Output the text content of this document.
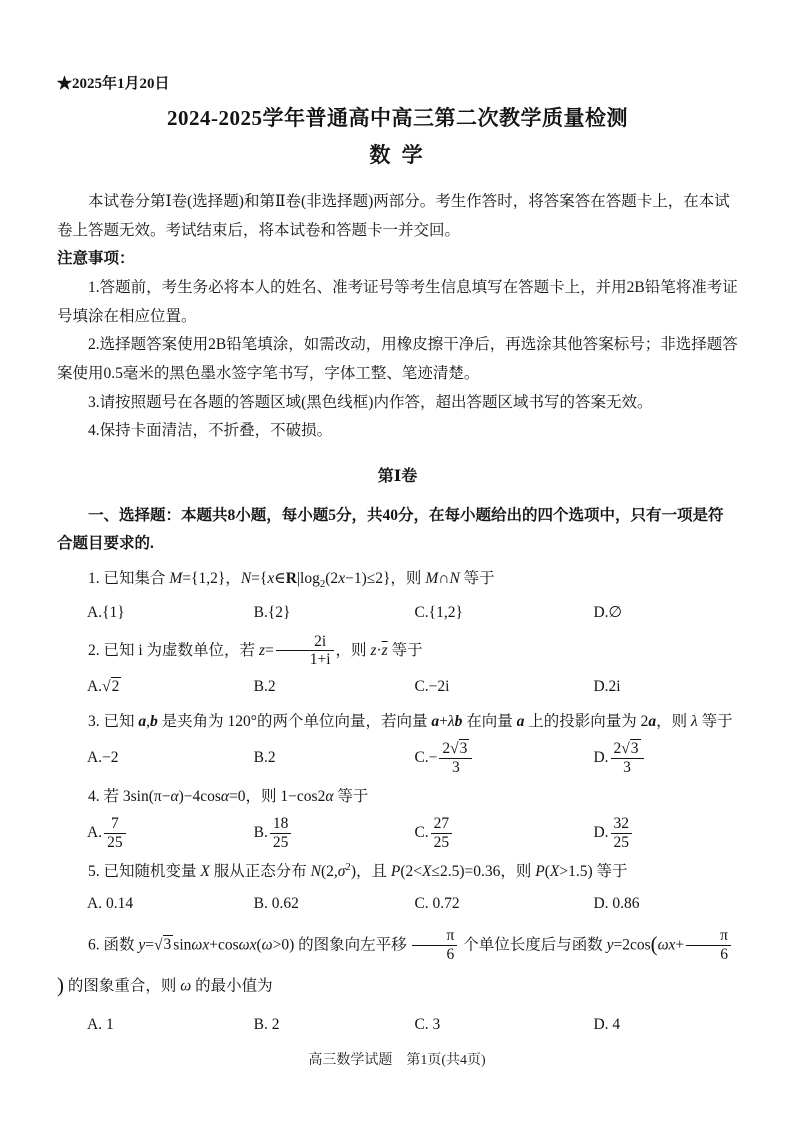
★2025年1月20日

2024-2025学年普通高中高三第二次教学质量检测
数 学

本试卷分第Ⅰ卷(选择题)和第Ⅱ卷(非选择题)两部分。考生作答时，将答案答在答题卡上，在本试卷上答题无效。考试结束后，将本试卷和答题卡一并交回。

注意事项：

1.答题前，考生务必将本人的姓名、准考证号等考生信息填写在答题卡上，并用2B铅笔将准考证号填涂在相应位置。

2.选择题答案使用2B铅笔填涂，如需改动，用橡皮擦干净后，再选涂其他答案标号；非选择题答案使用0.5毫米的黑色墨水签字笔书写，字体工整、笔迹清楚。

3.请按照题号在各题的答题区域(黑色线框)内作答，超出答题区域书写的答案无效。

4.保持卡面清洁，不折叠，不破损。

第Ⅰ卷

一、选择题：本题共8小题，每小题5分，共40分，在每小题给出的四个选项中，只有一项是符合题目要求的.

1. 已知集合 M={1,2}，$N=\{x\in R|\log_2(2x-1)\le 2\}$，则 M∩N 等于

A.{1}	B.{2}	C.{1,2}	D.∅

2. 已知 i 为虚数单位，若 $z= \frac{2i}{1+i}$ ，则 $z\cdot\overline{z}$ 等于

A.√2	B.2	C.−2i	D.2i

3. 已知 a,b 是夹角为 120°的两个单位向量，若向量 a+λb 在向量 a 上的投影向量为 2a，则 λ 等于

A.−2	B.2	$C.- \frac{2√3}{3}$	D. $\frac{2√3}{3}$

4. 若 3sin(π−α)−4cosα=0，则 1−cos2α 等于

A. $\frac{7}{25}$	B. $\frac{18}{25}$	C. $\frac{27}{25}$	D. $\frac{32}{25}$

5. 已知随机变量 X 服从正态分布 $N(2,\sigma^2)$，且 P(2<X≤2.5)=0.36，则 P(X>1.5) 等于

A. 0.14	B. 0.62	C. 0.72	D. 0.86

6. 函数 y=√3 sinωx+cosωx(ω>0) 的图象向左平移 $\frac{\pi}{6}$ 个单位长度后与函数 $y=2\cos(\omega x+ \frac{\pi}{6}$
) 的图象重合，则 ω 的最小值为

A. 1	B. 2	C. 3	D. 4

高三数学试题　第1页(共4页)
